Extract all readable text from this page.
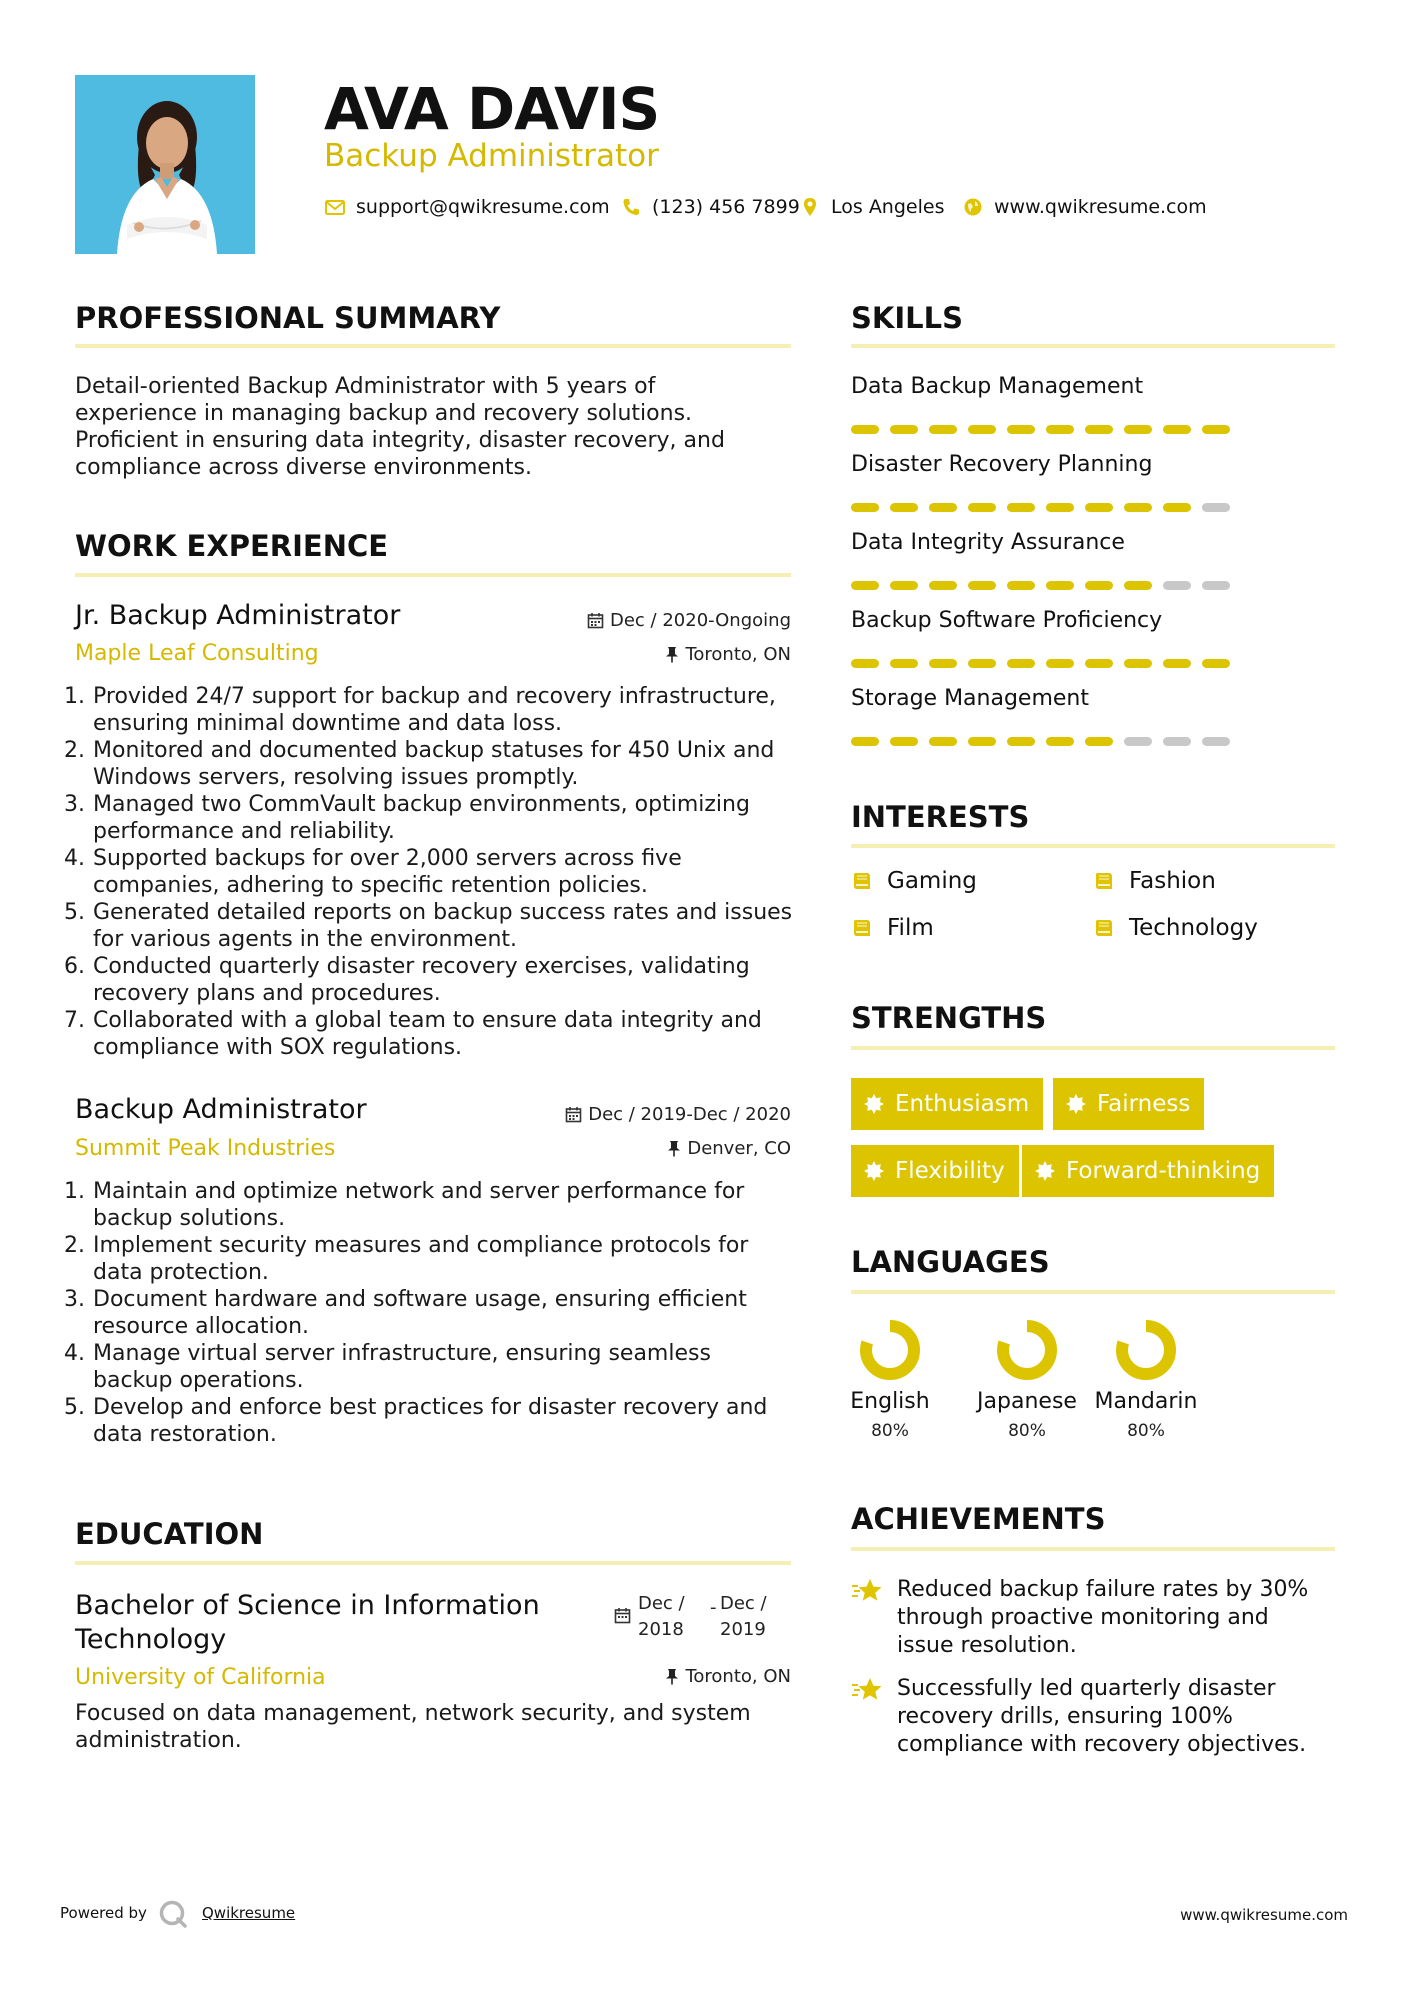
AVA DAVIS
Backup Administrator
support@qwikresume.com (123) 456 7899 Los Angeles	www.qwikresume.com
PROFESSIONAL SUMMARY
Detail-oriented Backup Administrator with 5 years of experience in managing backup and recovery solutions. Proficient in ensuring data integrity, disaster recovery, and compliance across diverse environments.
WORK EXPERIENCE
Jr. Backup Administrator	Dec / 2020-Ongoing
Maple Leaf Consulting	Toronto, ON
1. Provided 24/7 support for backup and recovery infrastructure, ensuring minimal downtime and data loss.
2. Monitored and documented backup statuses for 450 Unix and Windows servers, resolving issues promptly.
3. Managed two CommVault backup environments, optimizing performance and reliability.
4. Supported backups for over 2,000 servers across five companies, adhering to specific retention policies.
5. Generated detailed reports on backup success rates and issues for various agents in the environment.
6. Conducted quarterly disaster recovery exercises, validating recovery plans and procedures.
7. Collaborated with a global team to ensure data integrity and compliance with SOX regulations.
Backup Administrator	Dec / 2019-Dec / 2020
Summit Peak Industries	Denver, CO
1. Maintain and optimize network and server performance for backup solutions.
2. Implement security measures and compliance protocols for data protection.
3. Document hardware and software usage, ensuring efficient resource allocation.
4. Manage virtual server infrastructure, ensuring seamless backup operations.
5. Develop and enforce best practices for disaster recovery and data restoration.
EDUCATION
Bachelor of Science in Information Technology
Dec /
2018
- Dec /
2019
University of California	Toronto, ON
Focused on data management, network security, and system administration.
SKILLS
Data Backup Management
Disaster Recovery Planning
Data Integrity Assurance
Backup Software Proficiency
Storage Management
INTERESTS
Gaming	Fashion
Film	Technology
STRENGTHS
Enthusiasm	Fairness
Flexibility	Forward-thinking
LANGUAGES
English
80%
Japanese
80%
Mandarin
80%
ACHIEVEMENTS
Reduced backup failure rates by 30% through proactive monitoring and issue resolution.
Successfully led quarterly disaster recovery drills, ensuring 100% compliance with recovery objectives.
Powered by	Qwikresume	www.qwikresume.com
